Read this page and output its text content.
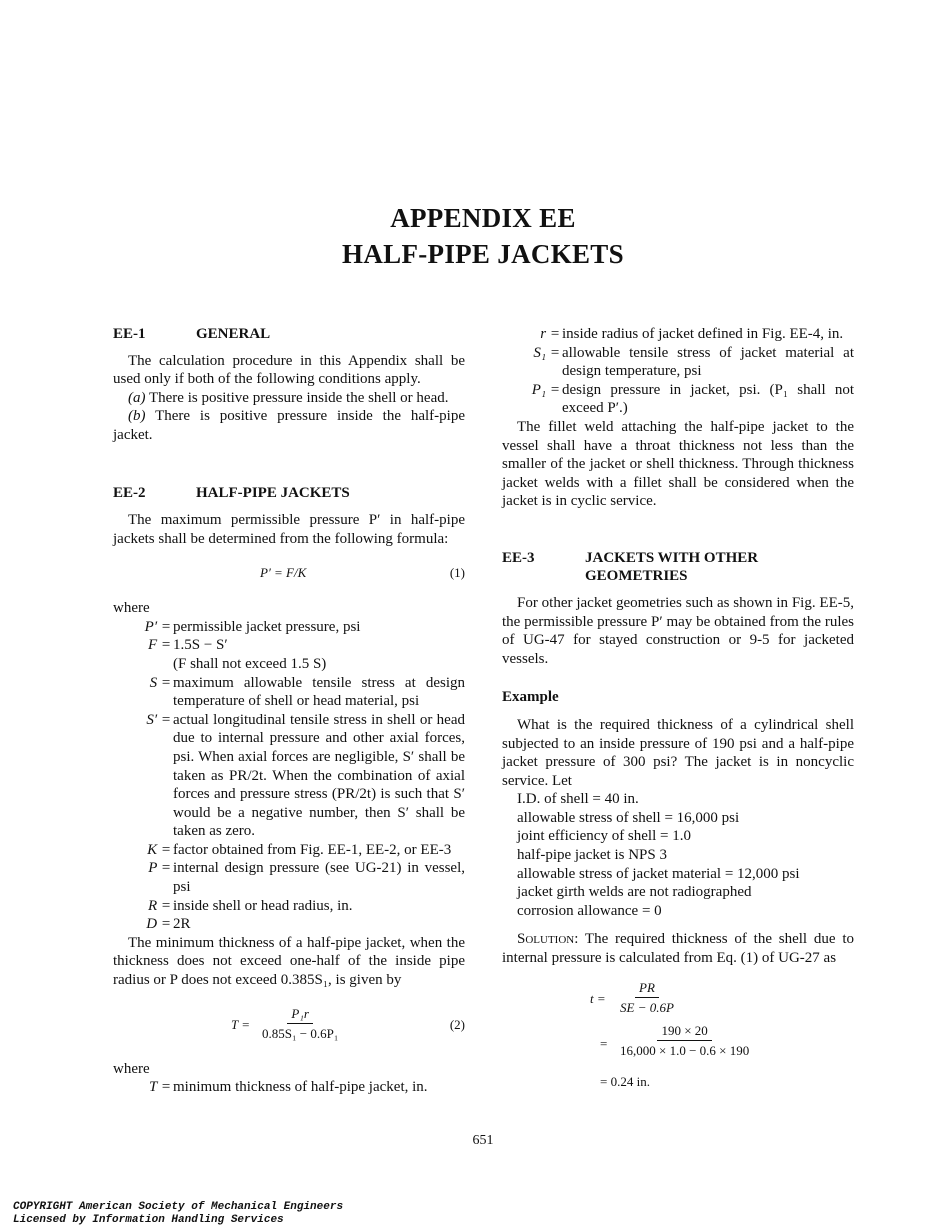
APPENDIX EE
HALF-PIPE JACKETS
EE-1	GENERAL

The calculation procedure in this Appendix shall be used only if both of the following conditions apply.

(a) There is positive pressure inside the shell or head.

(b) There is positive pressure inside the half-pipe jacket.

EE-2	HALF-PIPE JACKETS

The maximum permissible pressure P′ in half-pipe jackets shall be determined from the following formula:

P′ = F/K	(1)

where

P′ = permissible jacket pressure, psi
F = 1.5S − S′
(F shall not exceed 1.5 S)
S = maximum allowable tensile stress at design temperature of shell or head material, psi
S′ = actual longitudinal tensile stress in shell or head due to internal pressure and other axial forces, psi. When axial forces are negligible, S′ shall be taken as PR/2t. When the combination of axial forces and pressure stress (PR/2t) is such that S′ would be a negative number, then S′ shall be taken as zero.
K = factor obtained from Fig. EE-1, EE-2, or EE-3
P = internal design pressure (see UG-21) in vessel, psi
R = inside shell or head radius, in.
D = 2R

The minimum thickness of a half-pipe jacket, when the thickness does not exceed one-half of the inside pipe radius or P does not exceed 0.385S₁, is given by

$T = \frac{\text{P₁r}}{\text{0.85S₁ − 0.6P₁}}$	(2)

where

T = minimum thickness of half-pipe jacket, in.
r = inside radius of jacket defined in Fig. EE-4, in.
S₁ = allowable tensile stress of jacket material at design temperature, psi
P₁ = design pressure in jacket, psi. (P₁ shall not exceed P′.)

The fillet weld attaching the half-pipe jacket to the vessel shall have a throat thickness not less than the smaller of the jacket or shell thickness. Through thickness jacket welds with a fillet shall be considered when the jacket is in cyclic service.

EE-3	JACKETS WITH OTHER
GEOMETRIES

For other jacket geometries such as shown in Fig. EE-5, the permissible pressure P′ may be obtained from the rules of UG-47 for stayed construction or 9-5 for jacketed vessels.

Example

What is the required thickness of a cylindrical shell subjected to an inside pressure of 190 psi and a half-pipe jacket pressure of 300 psi? The jacket is in noncyclic service. Let

I.D. of shell = 40 in.
allowable stress of shell = 16,000 psi
joint efficiency of shell = 1.0
half-pipe jacket is NPS 3
allowable stress of jacket material = 12,000 psi
jacket girth welds are not radiographed
corrosion allowance = 0

Solution: The required thickness of the shell due to internal pressure is calculated from Eq. (1) of UG-27 as

$t = \frac{PR}{SE - 0.6P}$
= $\frac{190 \times 20}{16,000 \times 1.0 - 0.6 \times 190}$
= 0.24 in.
651
COPYRIGHT American Society of Mechanical Engineers
Licensed by Information Handling Services
